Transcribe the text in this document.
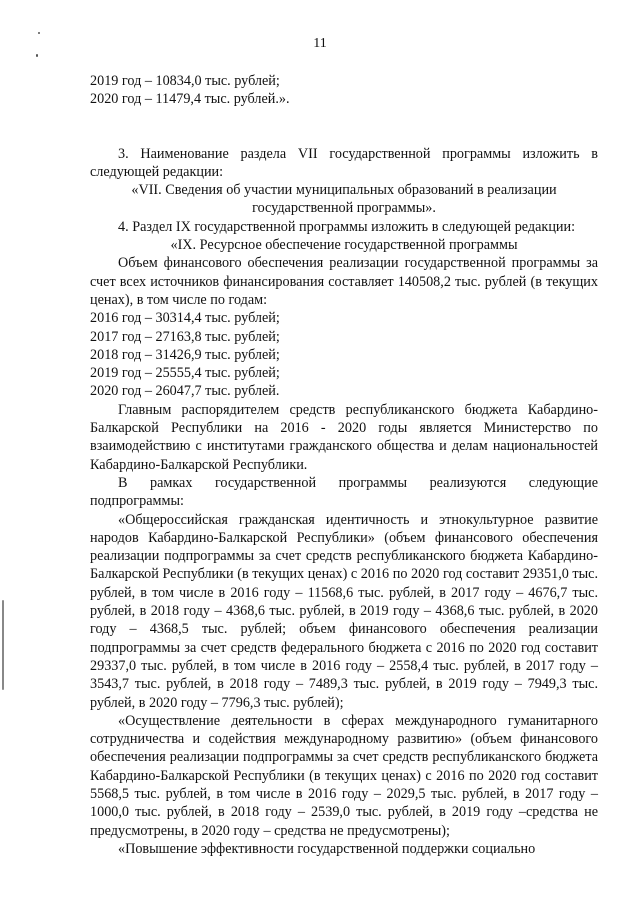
11

2019 год – 10834,0 тыс. рублей;

2020 год – 11479,4 тыс. рублей.».

3. Наименование раздела VII государственной программы изложить в следующей редакции:

«VII. Сведения об участии муниципальных образований в реализации государственной программы».

4. Раздел IX государственной программы изложить в следующей редакции:

«IX. Ресурсное обеспечение государственной программы

Объем финансового обеспечения реализации государственной программы за счет всех источников финансирования составляет 140508,2 тыс. рублей (в текущих ценах), в том числе по годам:

2016 год – 30314,4 тыс. рублей;

2017 год – 27163,8 тыс. рублей;

2018 год – 31426,9 тыс. рублей;

2019 год – 25555,4 тыс. рублей;

2020 год – 26047,7 тыс. рублей.

Главным распорядителем средств республиканского бюджета Кабардино-Балкарской Республики на 2016 - 2020 годы является Министерство по взаимодействию с институтами гражданского общества и делам национальностей Кабардино-Балкарской Республики.

В рамках государственной программы реализуются следующие подпрограммы:

«Общероссийская гражданская идентичность и этнокультурное развитие народов Кабардино-Балкарской Республики» (объем финансового обеспечения реализации подпрограммы за счет средств республиканского бюджета Кабардино-Балкарской Республики (в текущих ценах) с 2016 по 2020 год составит 29351,0 тыс. рублей, в том числе в 2016 году – 11568,6 тыс. рублей, в 2017 году – 4676,7 тыс. рублей, в 2018 году – 4368,6 тыс. рублей, в 2019 году – 4368,6 тыс. рублей, в 2020 году – 4368,5 тыс. рублей; объем финансового обеспечения реализации подпрограммы за счет средств федерального бюджета с 2016 по 2020 год составит 29337,0 тыс. рублей, в том числе в 2016 году – 2558,4 тыс. рублей, в 2017 году – 3543,7 тыс. рублей, в 2018 году – 7489,3 тыс. рублей, в 2019 году – 7949,3 тыс. рублей, в 2020 году – 7796,3 тыс. рублей);

«Осуществление деятельности в сферах международного гуманитарного сотрудничества и содействия международному развитию» (объем финансового обеспечения реализации подпрограммы за счет средств республиканского бюджета Кабардино-Балкарской Республики (в текущих ценах) с 2016 по 2020 год составит 5568,5 тыс. рублей, в том числе в 2016 году – 2029,5 тыс. рублей, в 2017 году – 1000,0 тыс. рублей, в 2018 году – 2539,0 тыс. рублей, в 2019 году –средства не предусмотрены, в 2020 году – средства не предусмотрены);

«Повышение эффективности государственной поддержки социально
